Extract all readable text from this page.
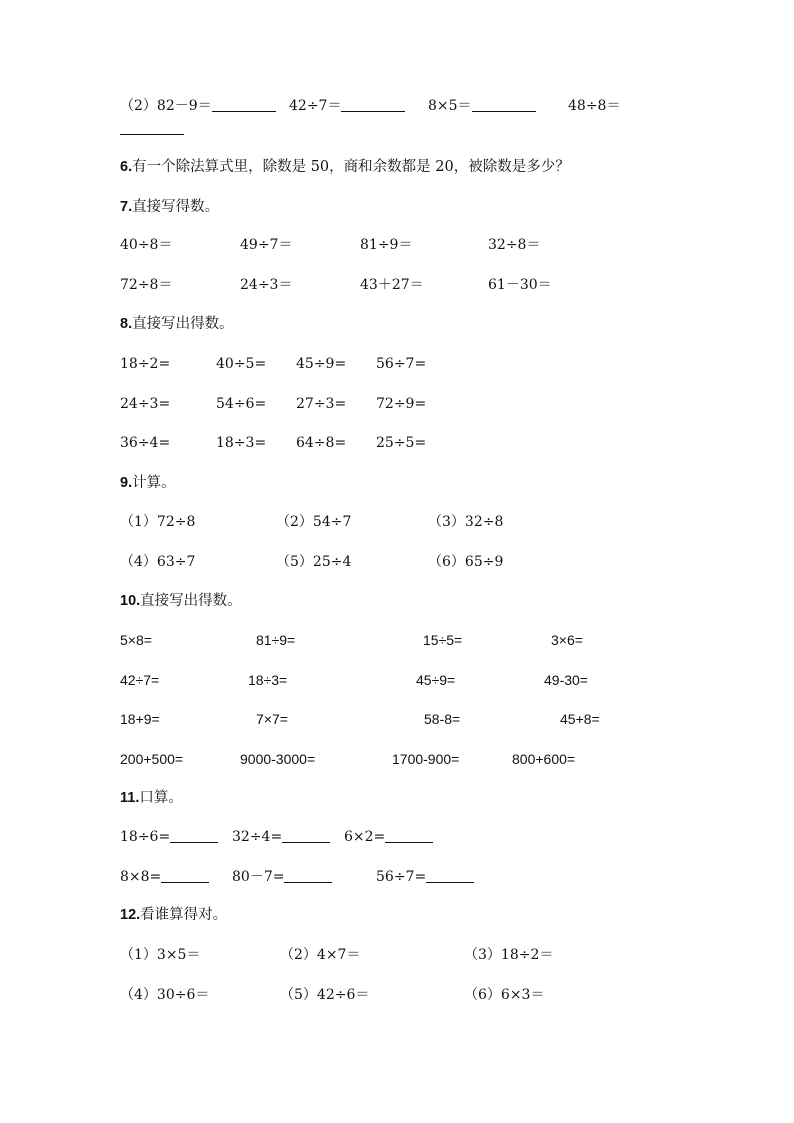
（2）82－9＝	42÷7＝	8×5＝	48÷8＝
6.有一个除法算式里，除数是 50，商和余数都是 20，被除数是多少？
7.直接写得数。
40÷8＝	49÷7＝	81÷9＝	32÷8＝
72÷8＝	24÷3＝	43＋27＝	61－30＝
8.直接写出得数。
18÷2=	40÷5= 45÷9= 56÷7=
24÷3=	54÷6= 27÷3= 72÷9=
36÷4=	18÷3= 64÷8= 25÷5=
9.计算。
（1）72÷8	（2）54÷7	（3）32÷8
（4）63÷7	（5）25÷4	（6）65÷9
10.直接写出得数。
5×8=	81÷9=	15÷5=	3×6=
42÷7=	18÷3=	45÷9=	49-30=
18+9=	7×7=	58-8=	45+8=
200+500=	9000-3000=	1700-900=	800+600=
11.口算。
18÷6=	32÷4=	6×2=
8×8=	80－7=	56÷7=
12.看谁算得对。
（1）3×5＝	（2）4×7＝	（3）18÷2＝
（4）30÷6＝	（5）42÷6＝	（6）6×3＝
